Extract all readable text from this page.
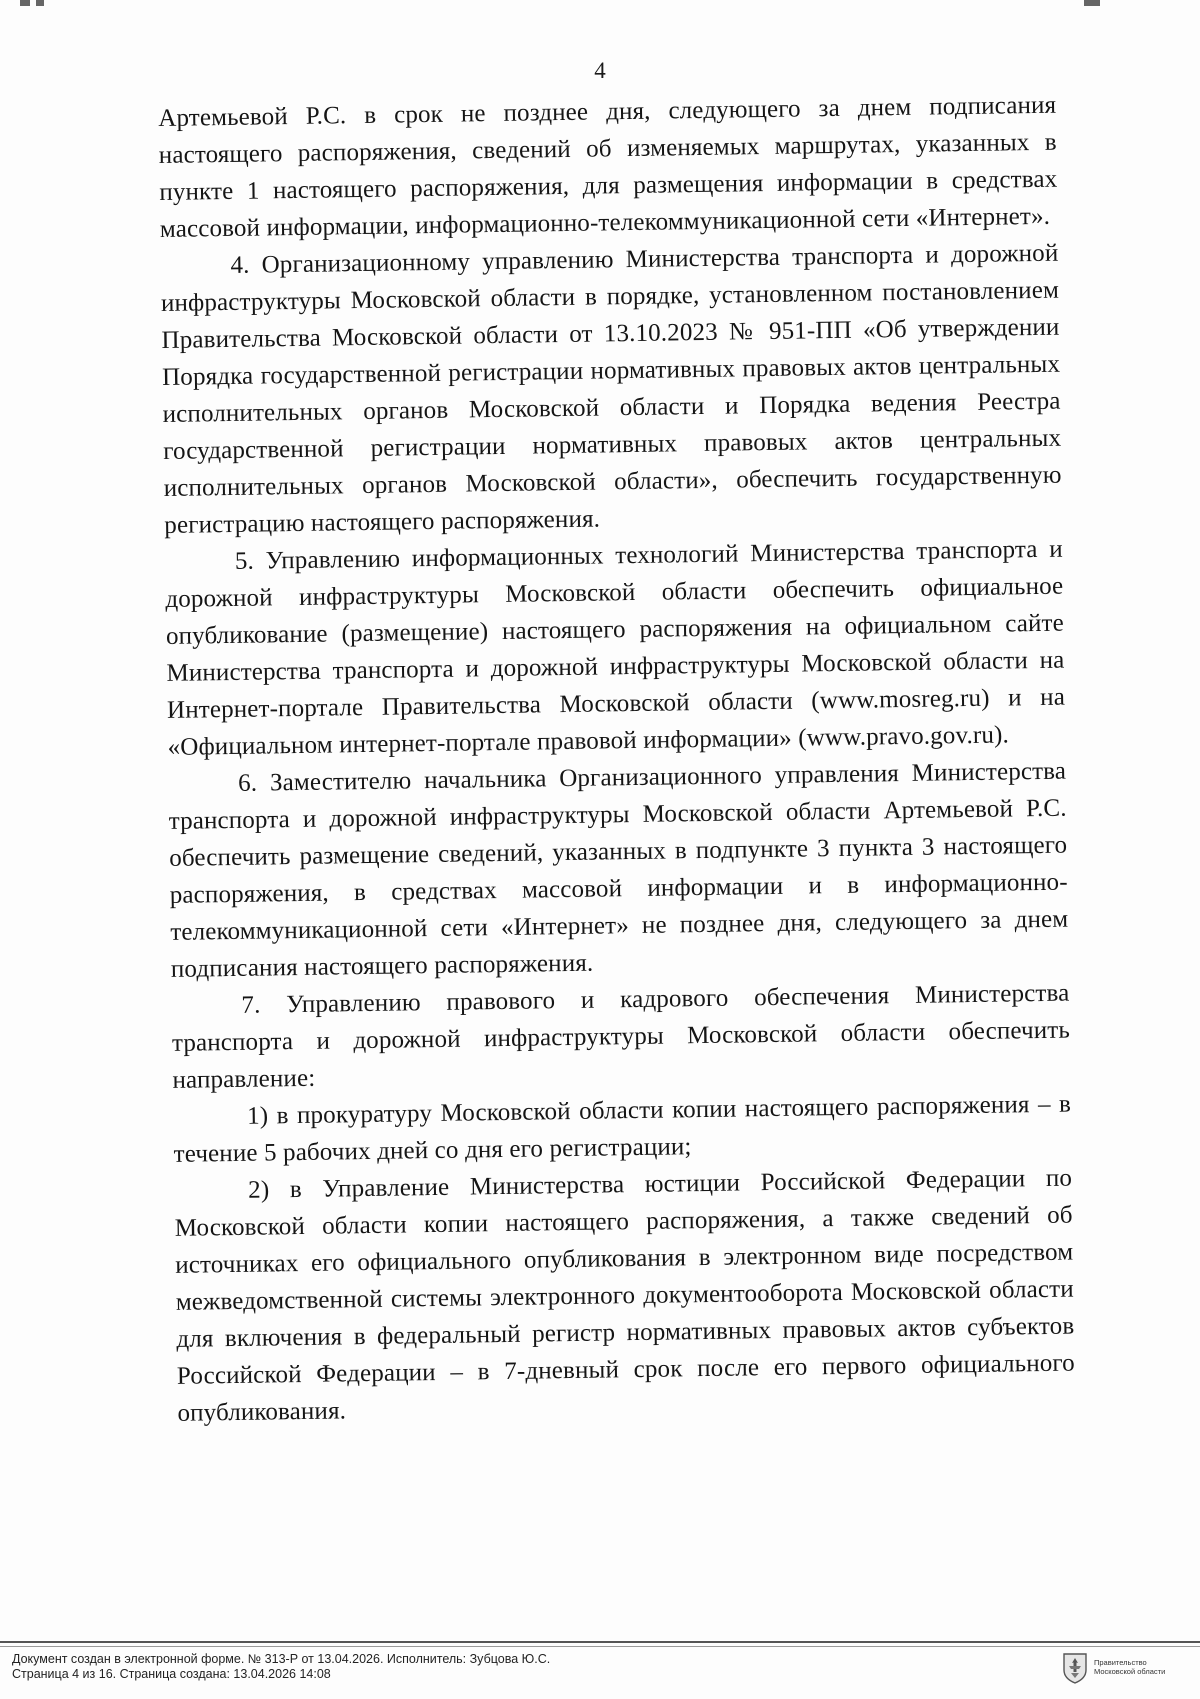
4

Артемьевой Р.С. в срок не позднее дня, следующего за днем подписания настоящего распоряжения, сведений об изменяемых маршрутах, указанных в пункте 1 настоящего распоряжения, для размещения информации в средствах массовой информации, информационно-телекоммуникационной сети «Интернет».

4. Организационному управлению Министерства транспорта и дорожной инфраструктуры Московской области в порядке, установленном постановлением Правительства Московской области от 13.10.2023 № 951-ПП «Об утверждении Порядка государственной регистрации нормативных правовых актов центральных исполнительных органов Московской области и Порядка ведения Реестра государственной регистрации нормативных правовых актов центральных исполнительных органов Московской области», обеспечить государственную регистрацию настоящего распоряжения.

5. Управлению информационных технологий Министерства транспорта и дорожной инфраструктуры Московской области обеспечить официальное опубликование (размещение) настоящего распоряжения на официальном сайте Министерства транспорта и дорожной инфраструктуры Московской области на Интернет-портале Правительства Московской области (www.mosreg.ru) и на «Официальном интернет-портале правовой информации» (www.pravo.gov.ru).

6. Заместителю начальника Организационного управления Министерства транспорта и дорожной инфраструктуры Московской области Артемьевой Р.С. обеспечить размещение сведений, указанных в подпункте 3 пункта 3 настоящего распоряжения, в средствах массовой информации и в информационно-телекоммуникационной сети «Интернет» не позднее дня, следующего за днем подписания настоящего распоряжения.

7. Управлению правового и кадрового обеспечения Министерства транспорта и дорожной инфраструктуры Московской области обеспечить направление:

1) в прокуратуру Московской области копии настоящего распоряжения – в течение 5 рабочих дней со дня его регистрации;

2) в Управление Министерства юстиции Российской Федерации по Московской области копии настоящего распоряжения, а также сведений об источниках его официального опубликования в электронном виде посредством межведомственной системы электронного документооборота Московской области для включения в федеральный регистр нормативных правовых актов субъектов Российской Федерации – в 7-дневный срок после его первого официального опубликования.

Документ создан в электронной форме. № 313-Р от 13.04.2026. Исполнитель: Зубцова Ю.С.
Страница 4 из 16. Страница создана: 13.04.2026 14:08
Правительство
Московской области
